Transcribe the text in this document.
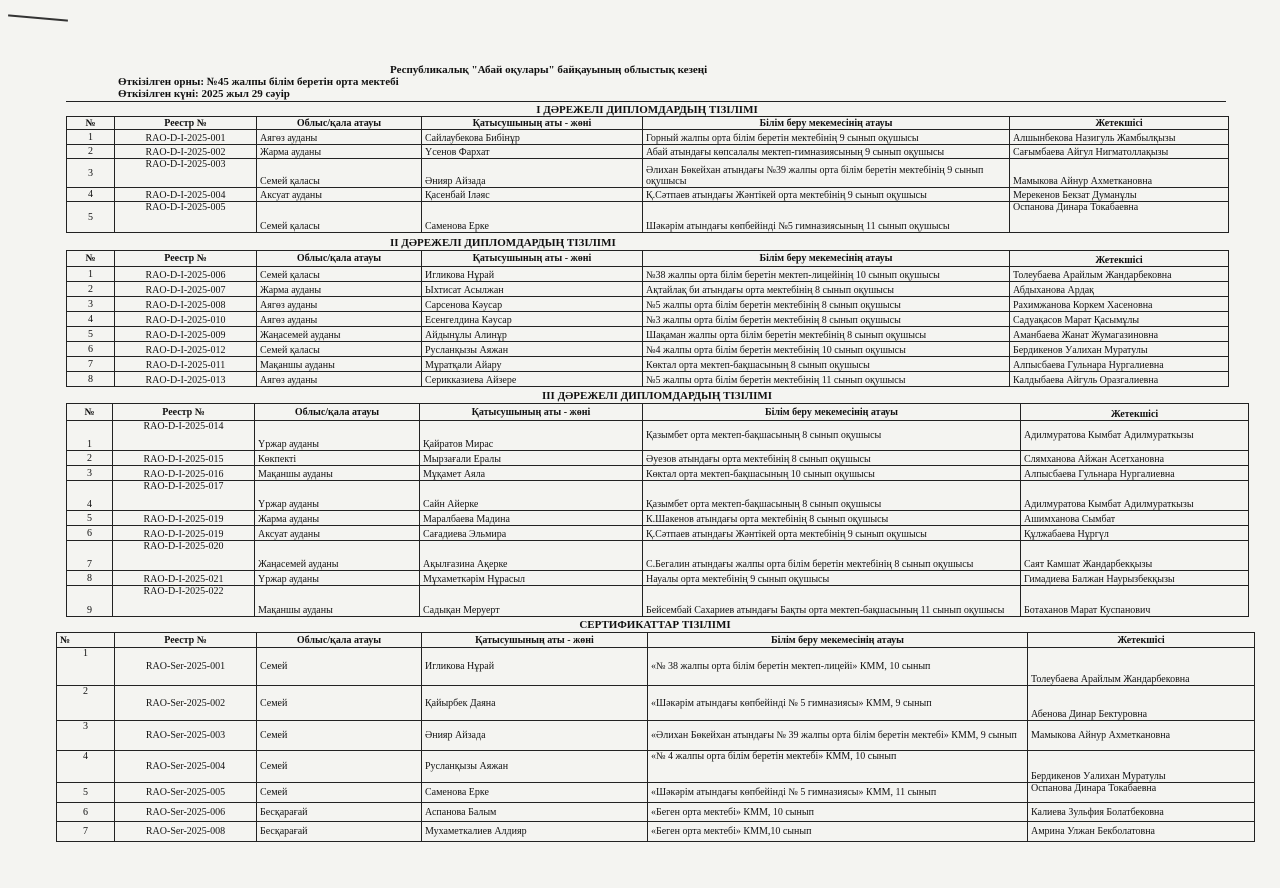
Республикалық "Абай оқулары" байқауының облыстық кезеңі
Өткізілген орны: №45 жалпы білім беретін орта мектебі
Өткізілген күні: 2025 жыл 29 сәуір
I ДӘРЕЖЕЛІ ДИПЛОМДАРДЫҢ ТІЗІЛІМІ
№	Реестр №	Облыс/қала атауы	Қатысушының аты - жөні	Білім беру мекемесінің атауы	Жетекшісі
1	RAO-D-I-2025-001	Аягөз ауданы	Сайлаубекова Бибінұр	Горный жалпы орта білім беретін мектебінің 9 сынып оқушысы	Алшынбекова Назигуль Жамбылқызы
2	RAO-D-I-2025-002	Жарма ауданы	Үсенов Фархат	Абай атындағы көпсалалы мектеп-гимназиясының 9 сынып оқушысы	Сағымбаева Айгул Нигматоллақызы
3	RAO-D-I-2025-003	Семей қаласы	Әнияр Айзада	Әлихан Бөкейхан атындағы №39 жалпы орта білім беретін мектебінің 9 сынып оқушысы	Мамыкова Айнур Ахметкановна
4	RAO-D-I-2025-004	Аксуат ауданы	Қасенбай Іләяс	Қ.Сәтпаев атындағы Жәнтікей орта мектебінің 9 сынып оқушысы	Мерекенов Бекзат Думанұлы
5	RAO-D-I-2025-005	Семей қаласы	Саменова Ерке	Шәкәрім атындағы көпбейінді №5 гимназиясының 11 сынып оқушысы	Оспанова Динара Токабаевна
II ДӘРЕЖЕЛІ ДИПЛОМДАРДЫҢ ТІЗІЛІМІ
№	Реестр №	Облыс/қала атауы	Қатысушының аты - жөні	Білім беру мекемесінің атауы	Жетекшісі
1	RAO-D-I-2025-006	Семей қаласы	Игликова Нұрай	№38 жалпы орта білім беретін мектеп-лицейінің 10 сынып оқушысы	Толеубаева Арайлым Жандарбековна
2	RAO-D-I-2025-007	Жарма ауданы	Ыхтисат Асылжан	Ақтайлақ би атындағы орта мектебінің 8 сынып оқушысы	Абдыханова Ардақ
3	RAO-D-I-2025-008	Аягөз ауданы	Сарсенова Кәусар	№5 жалпы орта білім беретін мектебінің 8 сынып оқушысы	Рахимжанова Коркем Хасеновна
4	RAO-D-I-2025-010	Аягөз ауданы	Есенгелдина Кәусар	№3 жалпы орта білім беретін мектебінің 8 сынып оқушысы	Садуақасов Марат Қасымұлы
5	RAO-D-I-2025-009	Жаңасемей ауданы	Айдынұлы Алинұр	Шақаман жалпы орта білім беретін мектебінің 8 сынып оқушысы	Аманбаева Жанат Жумагазиновна
6	RAO-D-I-2025-012	Семей қаласы	Русланқызы Аяжан	№4 жалпы орта білім беретін мектебінің 10 сынып оқушысы	Бердикенов Уалихан Муратулы
7	RAO-D-I-2025-011	Мақаншы ауданы	Мұратқали Айару	Көктал орта мектеп-бақшасының 8 сынып оқушысы	Алпысбаева Гульнара Нургалиевна
8	RAO-D-I-2025-013	Аягөз ауданы	Серикказиева Айзере	№5 жалпы орта білім беретін мектебінің 11 сынып оқушысы	Калдыбаева Айгуль Оразгалиевна
III ДӘРЕЖЕЛІ ДИПЛОМДАРДЫҢ ТІЗІЛІМІ
№	Реестр №	Облыс/қала атауы	Қатысушының аты - жөні	Білім беру мекемесінің атауы	Жетекшісі
1	RAO-D-I-2025-014	Үржар ауданы	Қайратов Мирас	Қазымбет орта мектеп-бақшасының 8 сынып оқушысы	Адилмуратова Кымбат Адилмураткызы
2	RAO-D-I-2025-015	Көкпекті	Мырзағали Ералы	Әуезов атындағы орта мектебінің 8 сынып оқушысы	Слямханова Айжан Асетхановна
3	RAO-D-I-2025-016	Мақаншы ауданы	Мұқамет Аяла	Көктал орта мектеп-бақшасының 10 сынып оқушысы	Алпысбаева Гульнара Нургалиевна
4	RAO-D-I-2025-017	Үржар ауданы	Сайн Айерке	Қазымбет орта мектеп-бақшасының 8 сынып оқушысы	Адилмуратова Кымбат Адилмураткызы
5	RAO-D-I-2025-019	Жарма ауданы	Маралбаева Мадина	К.Шакенов атындағы орта мектебінің 8 сынып оқушысы	Ашимханова Сымбат
6	RAO-D-I-2025-019	Аксуат ауданы	Сағадиева Эльмира	Қ.Сәтпаев атындағы Жәнтікей орта мектебінің 9 сынып оқушысы	Құлжабаева Нұргүл
7	RAO-D-I-2025-020	Жаңасемей ауданы	Ақылғазина Ақерке	С.Бегалин атындағы жалпы орта білім беретін мектебінің 8 сынып оқушысы	Саят Камшат Жандарбекқызы
8	RAO-D-I-2025-021	Үржар ауданы	Мұхаметкәрім Нұрасыл	Науалы орта мектебінің 9 сынып оқушысы	Гимадиева Балжан Наурызбекқызы
9	RAO-D-I-2025-022	Мақаншы ауданы	Садықан Меруерт	Бейсембай Сахариев атындағы Бақты орта мектеп-бақшасының 11 сынып оқушысы	Ботаханов Марат Куспанович
СЕРТИФИКАТТАР ТІЗІЛІМІ
№	Реестр №	Облыс/қала атауы	Қатысушының аты - жөні	Білім беру мекемесінің атауы	Жетекшісі
1	RAO-Ser-2025-001	Семей	Игликова Нұрай	«№ 38 жалпы орта білім беретін мектеп-лицейі» КММ, 10 сынып	Толеубаева Арайлым Жандарбековна
2	RAO-Ser-2025-002	Семей	Қайырбек Даяна	«Шәкәрім атындағы көпбейінді № 5 гимназиясы» КММ, 9 сынып	Абенова Динар Бектуровна
3	RAO-Ser-2025-003	Семей	Әнияр Айзада	«Әлихан Бөкейхан атындағы № 39 жалпы орта білім беретін мектебі» КММ, 9 сынып	Мамыкова Айнур Ахметкановна
4	RAO-Ser-2025-004	Семей	Русланқызы Аяжан	«№ 4 жалпы орта білім беретін мектебі» КММ, 10 сынып	Бердикенов Уалихан Муратулы
5	RAO-Ser-2025-005	Семей	Саменова Ерке	«Шәкәрім атындағы көпбейінді № 5 гимназиясы» КММ, 11 сынып	Оспанова Динара Токабаевна
6	RAO-Ser-2025-006	Бесқарағай	Аспанова Балым	«Беген орта мектебі» КММ, 10 сынып	Калиева Зульфия Болатбековна
7	RAO-Ser-2025-008	Бесқарағай	Мухаметкалиев Алдияр	«Беген орта мектебі» КММ,10 сынып	Амрина Улжан Бекболатовна
